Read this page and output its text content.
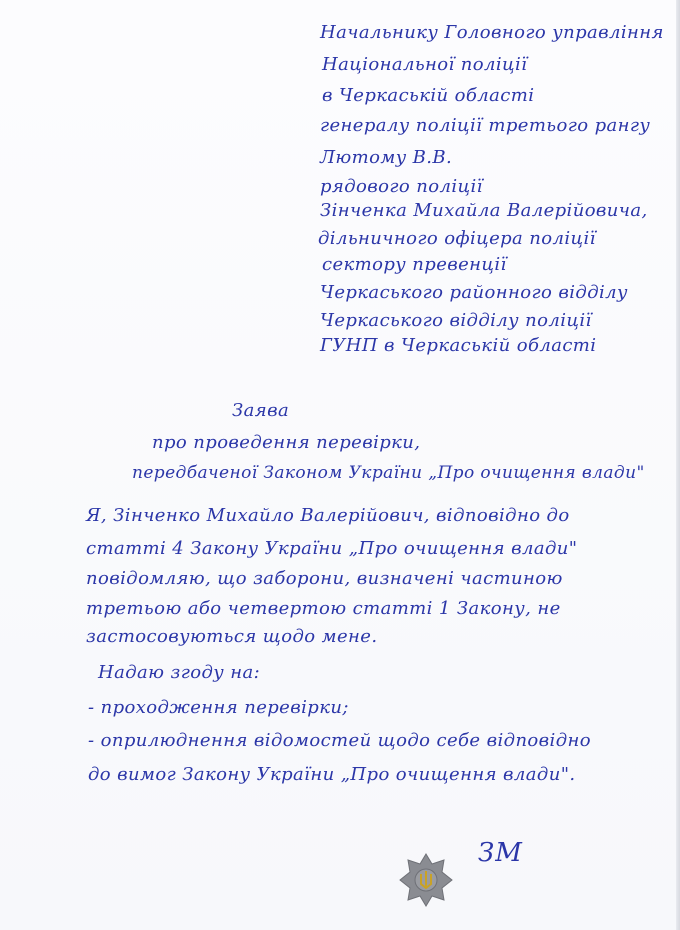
Начальнику Головного управління
Національної поліції
в Черкаській області
генералу поліції третього рангу
Лютому В.В.
рядового поліції
Зінченка Михайла Валерійовича,
дільничного офіцера поліції
сектору превенції
Черкаського районного відділу
Черкаського відділу поліції
ГУНП в Черкаській області
Заява
про проведення перевірки,
передбаченої Законом України „Про очищення влади"
Я, Зінченко Михайло Валерійович, відповідно до
статті 4 Закону України „Про очищення влади"
повідомляю, що заборони, визначені частиною
третьою або четвертою статті 1 Закону, не
застосовуються щодо мене.
Надаю згоду на:
- проходження перевірки;
- оприлюднення відомостей щодо себе відповідно
до вимог Закону України „Про очищення влади".
ЗМ
